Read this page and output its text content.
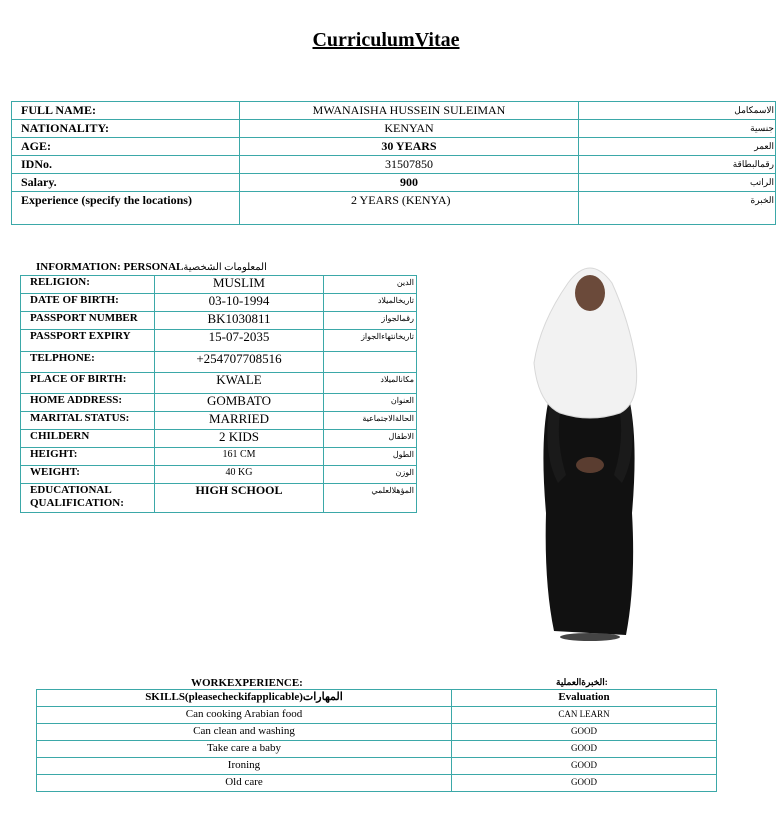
CurriculumVitae
FULL NAME:	MWANAISHA HUSSEIN SULEIMAN	الاسمكامل
NATIONALITY:	KENYAN	جنسية
AGE:	30 YEARS	العمر
IDNo.	31507850	رقمالبطاقة
Salary.	900	الراتب
Experience (specify the locations)	2 YEARS (KENYA)	الخبرة
INFORMATION: PERSONALالمعلومات الشخصية
RELIGION:	MUSLIM	الدين
DATE OF BIRTH:	03-10-1994	تاريخالميلاد
PASSPORT NUMBER	BK1030811	رقمالجواز
PASSPORT EXPIRY	15-07-2035	تاريخانتهاءالجواز
TELPHONE:	+254707708516	
PLACE OF BIRTH:	KWALE	مكانالميلاد
HOME ADDRESS:	GOMBATO	العنوان
MARITAL STATUS:	MARRIED	الحالةالاجتماعية
CHILDERN	2 KIDS	الاطفال
HEIGHT:	161 CM	الطول
WEIGHT:	40 KG	الوزن
EDUCATIONAL QUALIFICATION:	HIGH SCHOOL	المؤهلالعلمي
WORKEXPERIENCE:	الخبرةالعملية:
SKILLS(pleasecheckifapplicable)المهارات	Evaluation
Can cooking Arabian food	CAN LEARN
Can clean and washing	GOOD
Take care a baby	GOOD
Ironing	GOOD
Old care	GOOD
